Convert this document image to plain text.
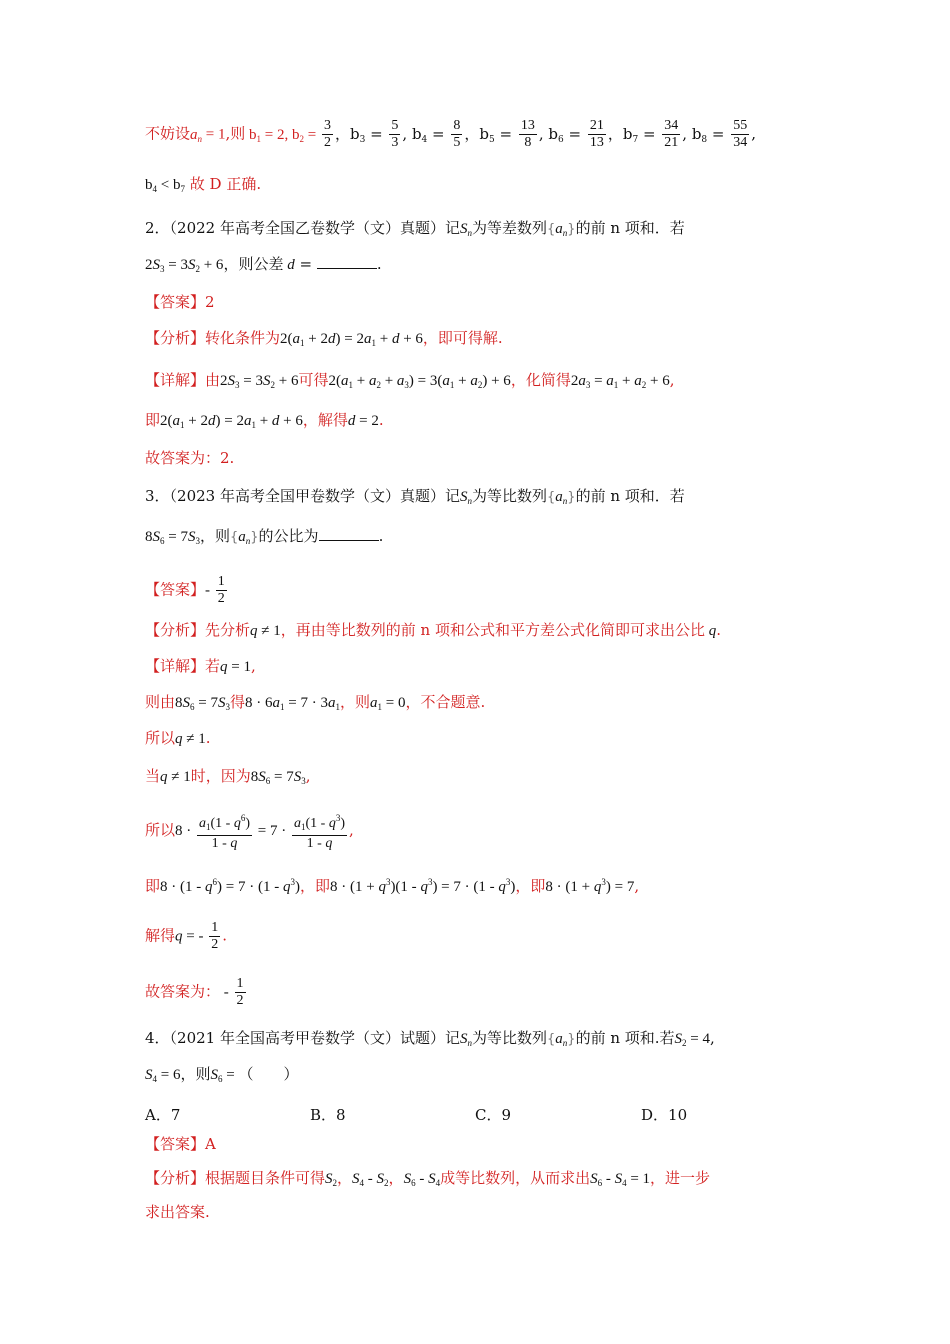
不妨设$a_n = 1$,则 $b_1 = 2$, $b_2 = \frac{3}{2}$ ，$b_3 = \frac{5}{3}$ , $b_4 = \frac{8}{5}$ ，$b_5 = \frac{13}{8}$ , $b_6 = \frac{21}{13}$ ，$b_7 = \frac{34}{21}$ , $b_8 = \frac{55}{34}$ ,
$b_4 < b_7$ 故 D 正确.
2．（2022 年高考全国乙卷数学（文）真题）记$S_n$为等差数列$\{a_n\}$的前 n 项和．若
$2S_3 = 3S_2 + 6$，则公差 d =	.
【答案】2
【分析】转化条件为$2(a_1 + 2d) = 2a_1 + d + 6$，即可得解.
【详解】由$2S_3 = 3S_2 + 6$可得$2(a_1 + a_2 + a_3) = 3(a_1 + a_2) + 6$，化简得$2a_3 = a_1 + a_2 + 6$,
即$2(a_1 + 2d) = 2a_1 + d + 6$，解得d = 2.
故答案为：2.
3．（2023 年高考全国甲卷数学（文）真题）记$S_n$为等比数列$\{a_n\}$的前 n 项和．若
$8S_6 = 7S_3$，则$\{a_n\}$的公比为	.
【答案】- $\frac{1}{2}$
【分析】先分析q ≠ 1，再由等比数列的前 n 项和公式和平方差公式化简即可求出公比 q.
【详解】若q = 1,
则由$8S_6 = 7S_3$得$8 \cdot 6a_1 = 7 \cdot 3a_1$，则$a_1 = 0$，不合题意.
所以q ≠ 1.
当q ≠ 1时，因为$8S_6 = 7S_3$,
所以$8 \cdot \frac{a_1(1 - q^6)}{1 - q} = 7 \cdot \frac{a_1(1 - q^3)}{1 - q}$ ,
即$8 \cdot (1 - q^6) = 7 \cdot (1 - q^3)$，即$8 \cdot (1 + q^3)(1 - q^3) = 7 \cdot (1 - q^3)$，即$8 \cdot (1 + q^3) = 7$,
解得q = - $\frac{1}{2}$ .
故答案为： - $\frac{1}{2}$
4．（2021 年全国高考甲卷数学（文）试题）记$S_n$为等比数列$\{a_n\}$的前 n 项和.若$S_2 = 4$,
$S_4 = 6$，则$S_6$ = （　　）
A．7	B．8	C．9	D．10
【答案】A
【分析】根据题目条件可得$S_2$，$S_4 - S_2$，$S_6 - S_4$成等比数列，从而求出$S_6 - S_4 = 1$，进一步
求出答案.
